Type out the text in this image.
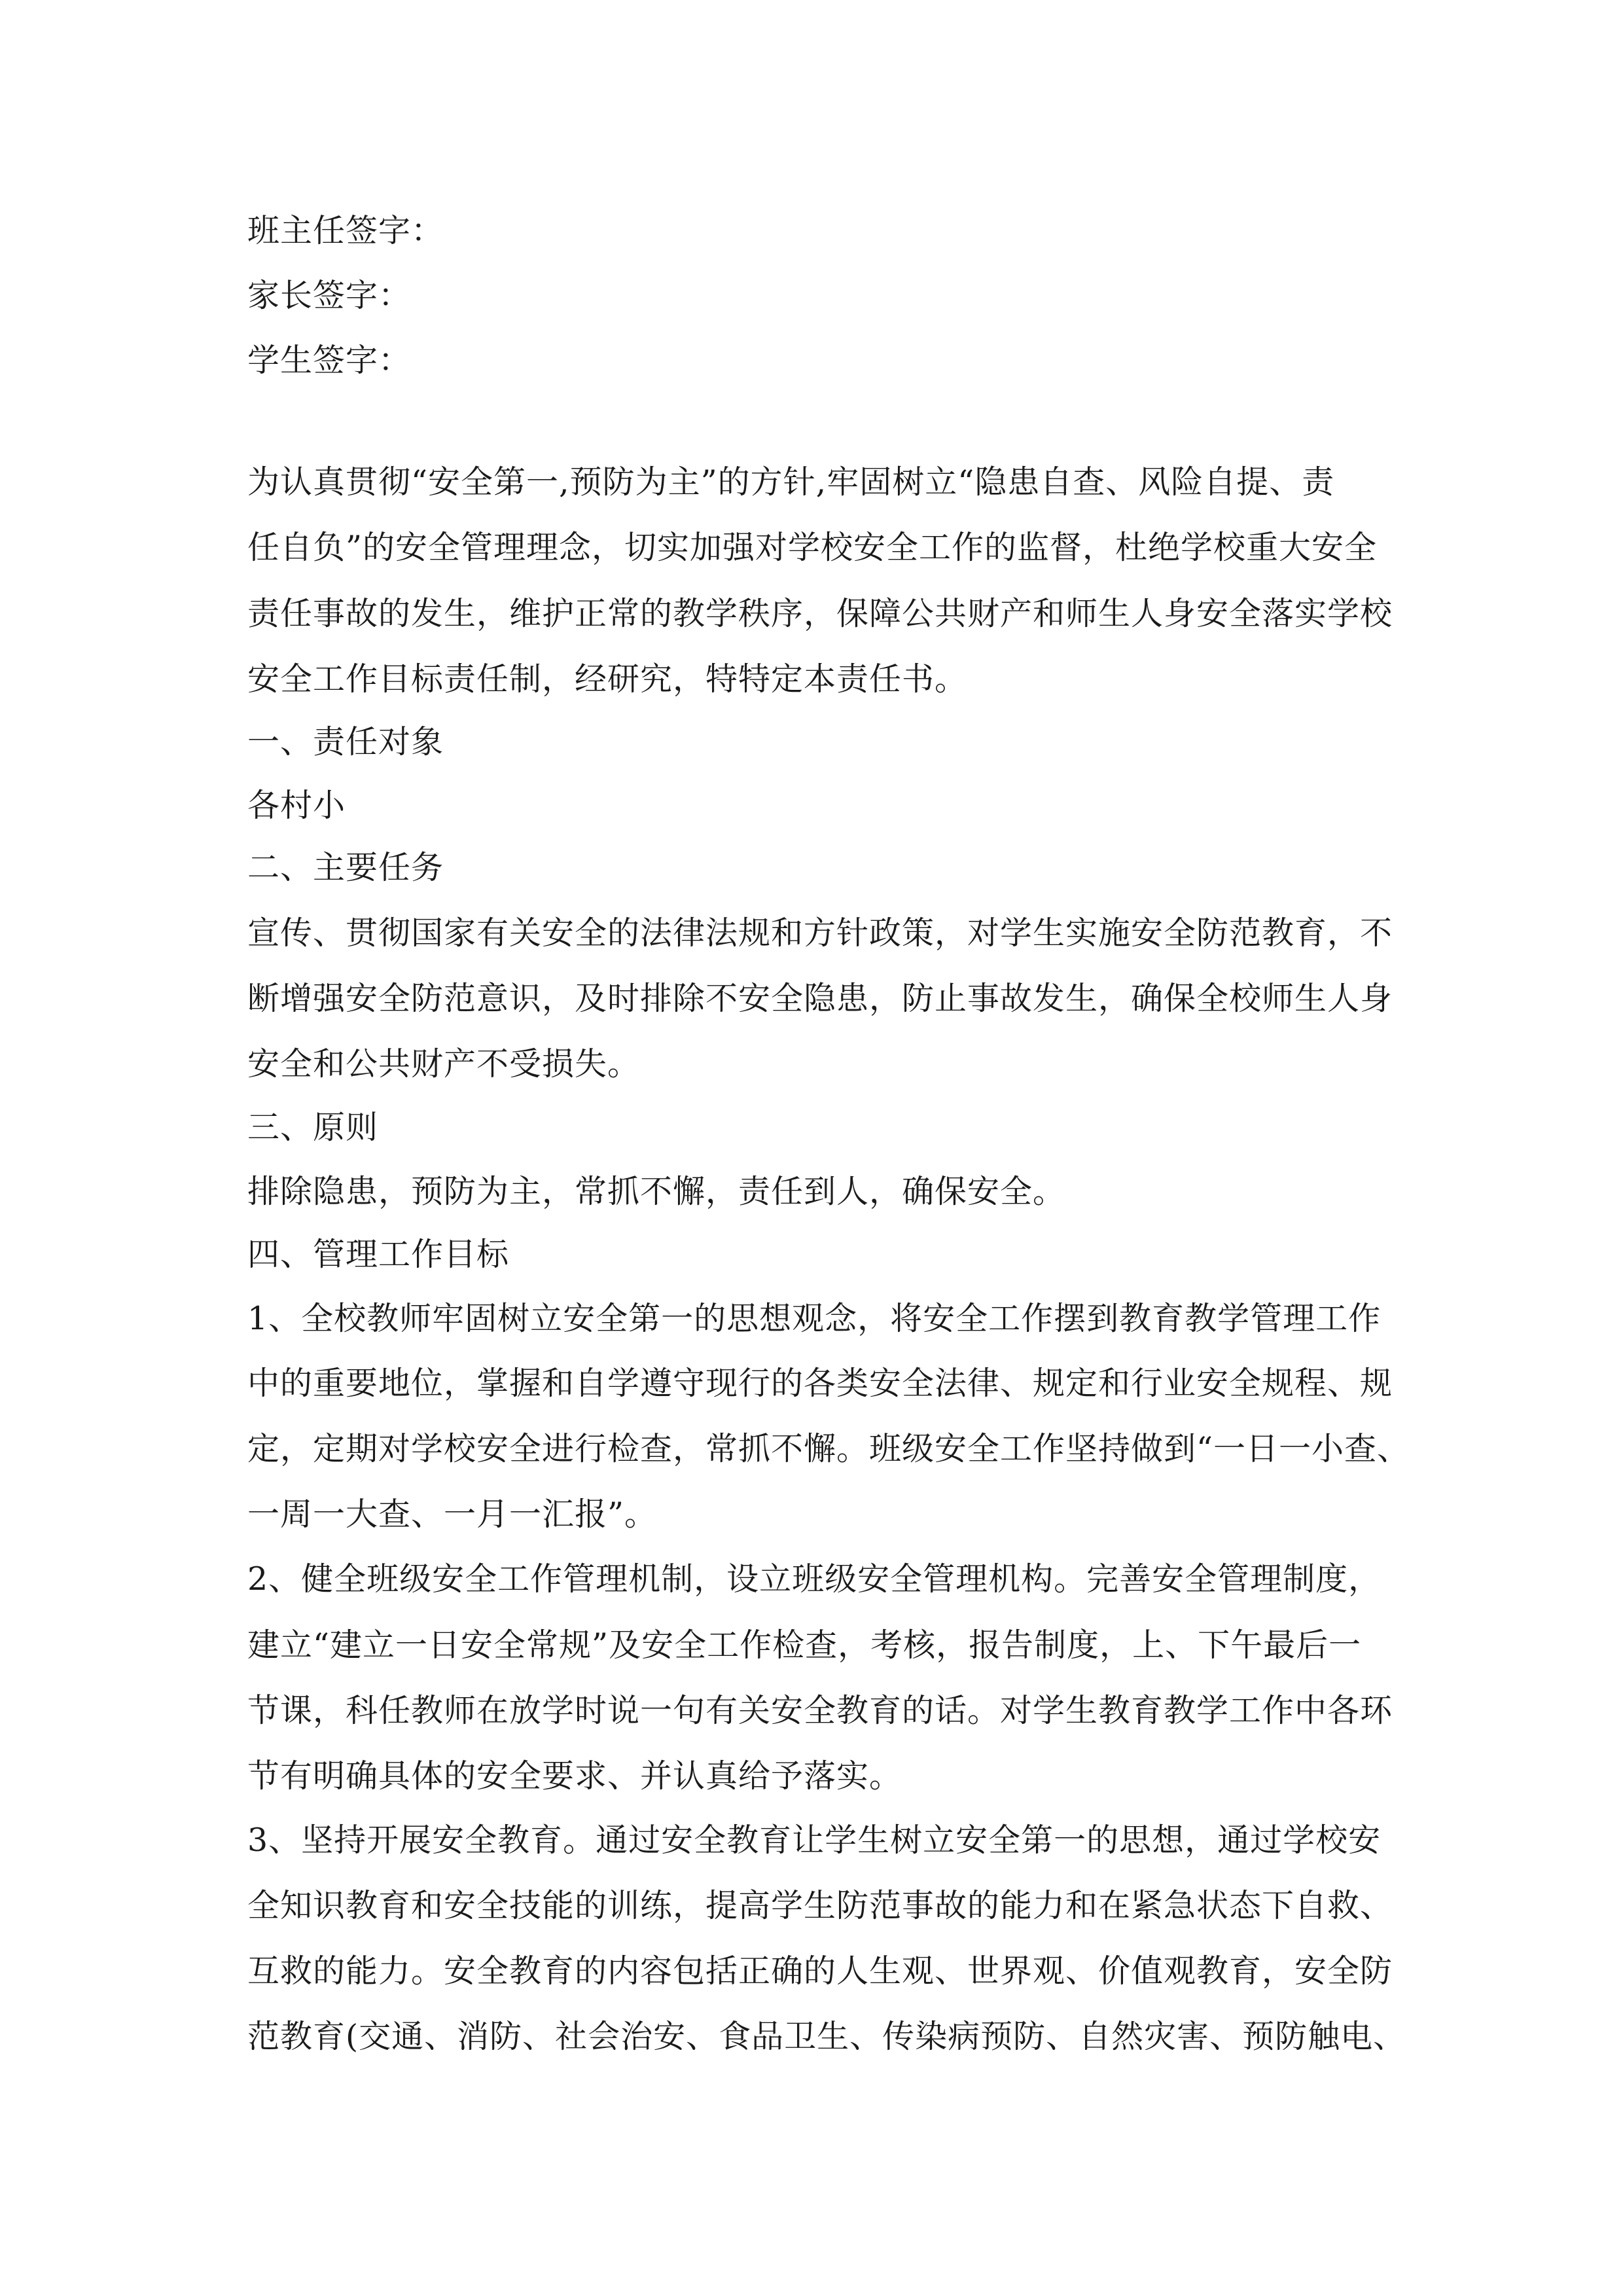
班主任签字：
家长签字：
学生签字：
为认真贯彻“安全第一,预防为主”的方针,牢固树立“隐患自查、风险自提、责
任自负”的安全管理理念，切实加强对学校安全工作的监督，杜绝学校重大安全
责任事故的发生，维护正常的教学秩序，保障公共财产和师生人身安全落实学校
安全工作目标责任制，经研究，特特定本责任书。
一、责任对象
各村小
二、主要任务
宣传、贯彻国家有关安全的法律法规和方针政策，对学生实施安全防范教育，不
断增强安全防范意识，及时排除不安全隐患，防止事故发生，确保全校师生人身
安全和公共财产不受损失。
三、原则
排除隐患，预防为主，常抓不懈，责任到人，确保安全。
四、管理工作目标
1、全校教师牢固树立安全第一的思想观念，将安全工作摆到教育教学管理工作
中的重要地位，掌握和自学遵守现行的各类安全法律、规定和行业安全规程、规
定，定期对学校安全进行检查，常抓不懈。班级安全工作坚持做到“一日一小查、
一周一大查、一月一汇报”。
2、健全班级安全工作管理机制，设立班级安全管理机构。完善安全管理制度，
建立“建立一日安全常规”及安全工作检查，考核，报告制度，上、下午最后一
节课，科任教师在放学时说一句有关安全教育的话。对学生教育教学工作中各环
节有明确具体的安全要求、并认真给予落实。
3、坚持开展安全教育。通过安全教育让学生树立安全第一的思想，通过学校安
全知识教育和安全技能的训练，提高学生防范事故的能力和在紧急状态下自救、
互救的能力。安全教育的内容包括正确的人生观、世界观、价值观教育，安全防
范教育(交通、消防、社会治安、食品卫生、传染病预防、自然灾害、预防触电、
